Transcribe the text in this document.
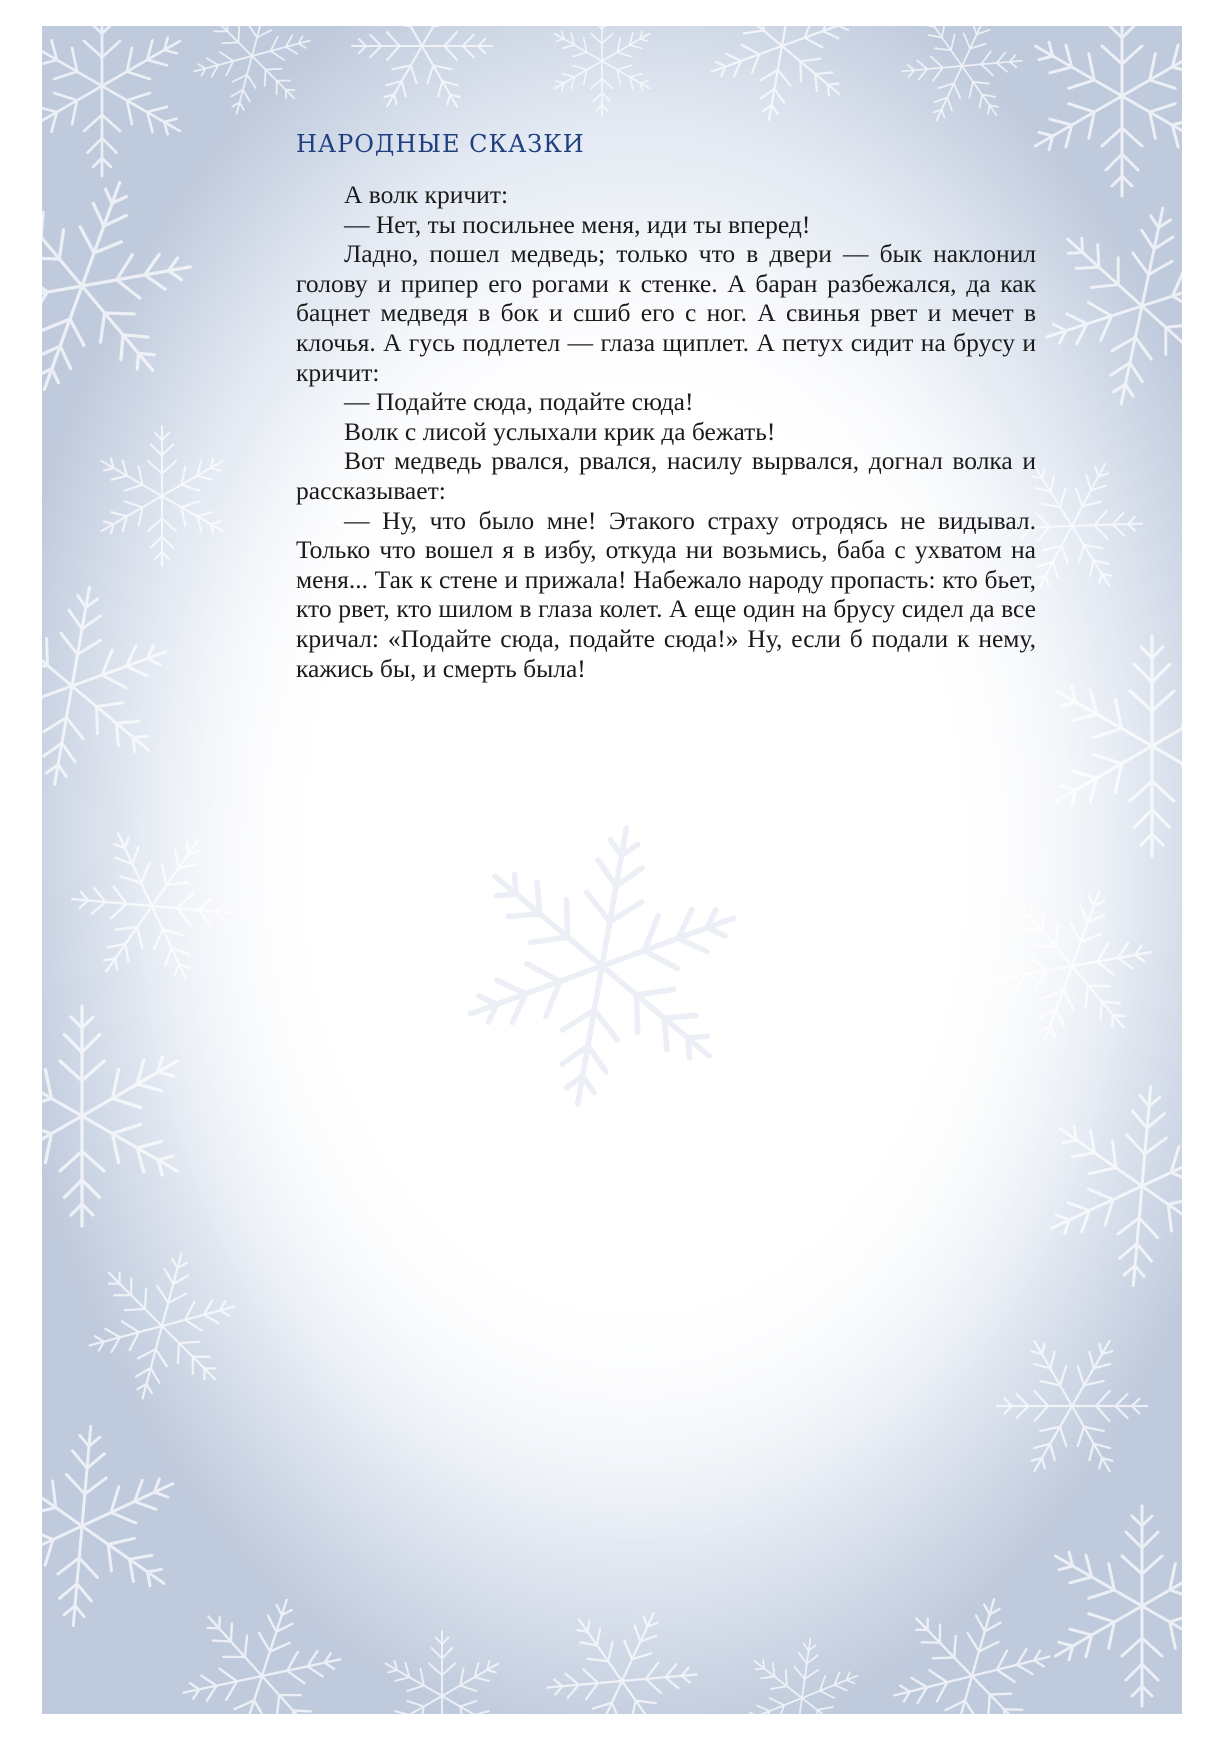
НАРОДНЫЕ СКАЗКИ

А волк кричит:

— Нет, ты посильнее меня, иди ты вперед!

Ладно, пошел медведь; только что в двери — бык наклонил голову и припер его рогами к стенке. А баран разбежался, да как бацнет медведя в бок и сшиб его с ног. А свинья рвет и мечет в клочья. А гусь подлетел — глаза щиплет. А петух сидит на брусу и кричит:

— Подайте сюда, подайте сюда!

Волк с лисой услыхали крик да бежать!

Вот медведь рвался, рвался, насилу вырвался, догнал волка и рассказывает:

— Ну, что было мне! Этакого страху отродясь не видывал. Только что вошел я в избу, откуда ни возьмись, баба с ухватом на меня... Так к стене и прижала! Набежало народу пропасть: кто бьет, кто рвет, кто шилом в глаза колет. А еще один на брусу сидел да все кричал: «Подайте сюда, подайте сюда!» Ну, если б подали к нему, кажись бы, и смерть была!
